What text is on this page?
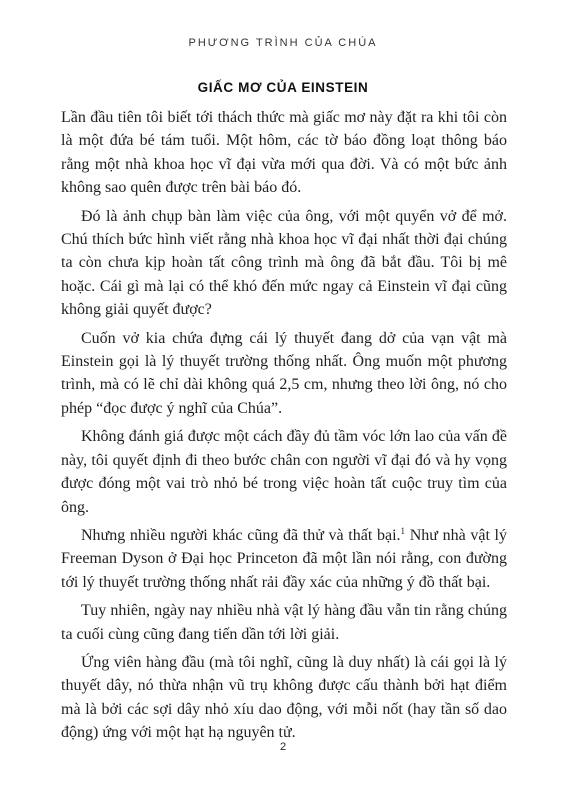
PHƯƠNG TRÌNH CỦA CHÚA
GIẤC MƠ CỦA EINSTEIN

Lần đầu tiên tôi biết tới thách thức mà giấc mơ này đặt ra khi tôi còn là một đứa bé tám tuổi. Một hôm, các tờ báo đồng loạt thông báo rằng một nhà khoa học vĩ đại vừa mới qua đời. Và có một bức ảnh không sao quên được trên bài báo đó.

Đó là ảnh chụp bàn làm việc của ông, với một quyển vở để mở. Chú thích bức hình viết rằng nhà khoa học vĩ đại nhất thời đại chúng ta còn chưa kịp hoàn tất công trình mà ông đã bắt đầu. Tôi bị mê hoặc. Cái gì mà lại có thể khó đến mức ngay cả Einstein vĩ đại cũng không giải quyết được?

Cuốn vở kia chứa đựng cái lý thuyết đang dở của vạn vật mà Einstein gọi là lý thuyết trường thống nhất. Ông muốn một phương trình, mà có lẽ chỉ dài không quá 2,5 cm, nhưng theo lời ông, nó cho phép “đọc được ý nghĩ của Chúa”.

Không đánh giá được một cách đầy đủ tầm vóc lớn lao của vấn đề này, tôi quyết định đi theo bước chân con người vĩ đại đó và hy vọng được đóng một vai trò nhỏ bé trong việc hoàn tất cuộc truy tìm của ông.

Nhưng nhiều người khác cũng đã thử và thất bại.$^1$ Như nhà vật lý Freeman Dyson ở Đại học Princeton đã một lần nói rằng, con đường tới lý thuyết trường thống nhất rải đầy xác của những ý đồ thất bại.

Tuy nhiên, ngày nay nhiều nhà vật lý hàng đầu vẫn tin rằng chúng ta cuối cùng cũng đang tiến dần tới lời giải.

Ứng viên hàng đầu (mà tôi nghĩ, cũng là duy nhất) là cái gọi là lý thuyết dây, nó thừa nhận vũ trụ không được cấu thành bởi hạt điểm mà là bởi các sợi dây nhỏ xíu dao động, với mỗi nốt (hay tần số dao động) ứng với một hạt hạ nguyên tử.

2
